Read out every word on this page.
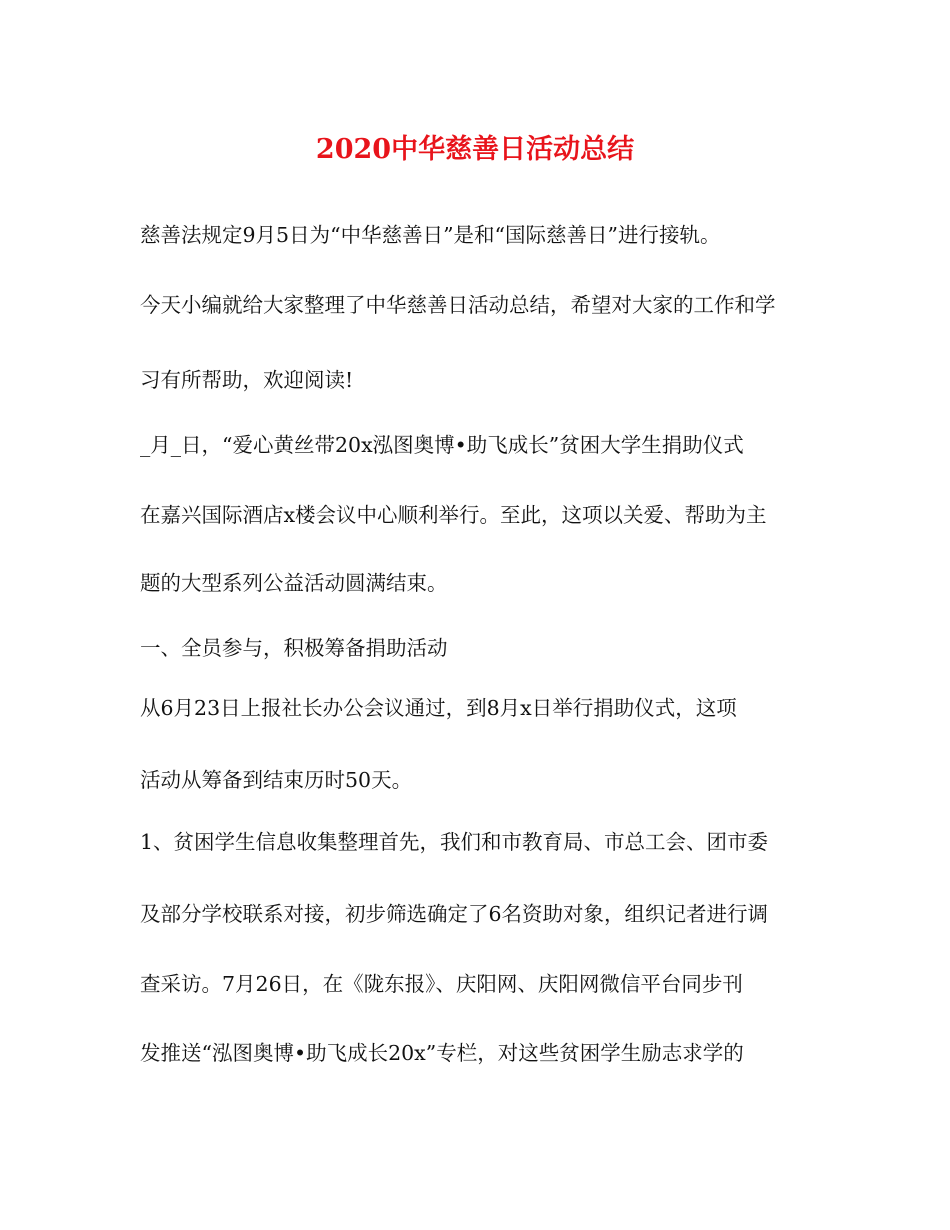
2020中华慈善日活动总结
慈善法规定9月5日为“中华慈善日”是和“国际慈善日”进行接轨。
今天小编就给大家整理了中华慈善日活动总结，希望对大家的工作和学
习有所帮助，欢迎阅读!
_月_日，“爱心黄丝带20x泓图奥博•助飞成长”贫困大学生捐助仪式
在嘉兴国际酒店x楼会议中心顺利举行。至此，这项以关爱、帮助为主
题的大型系列公益活动圆满结束。
一、全员参与，积极筹备捐助活动
从6月23日上报社长办公会议通过，到8月x日举行捐助仪式，这项
活动从筹备到结束历时50天。
1、贫困学生信息收集整理首先，我们和市教育局、市总工会、团市委
及部分学校联系对接，初步筛选确定了6名资助对象，组织记者进行调
查采访。7月26日，在《陇东报》、庆阳网、庆阳网微信平台同步刊
发推送“泓图奥博•助飞成长20x”专栏，对这些贫困学生励志求学的
